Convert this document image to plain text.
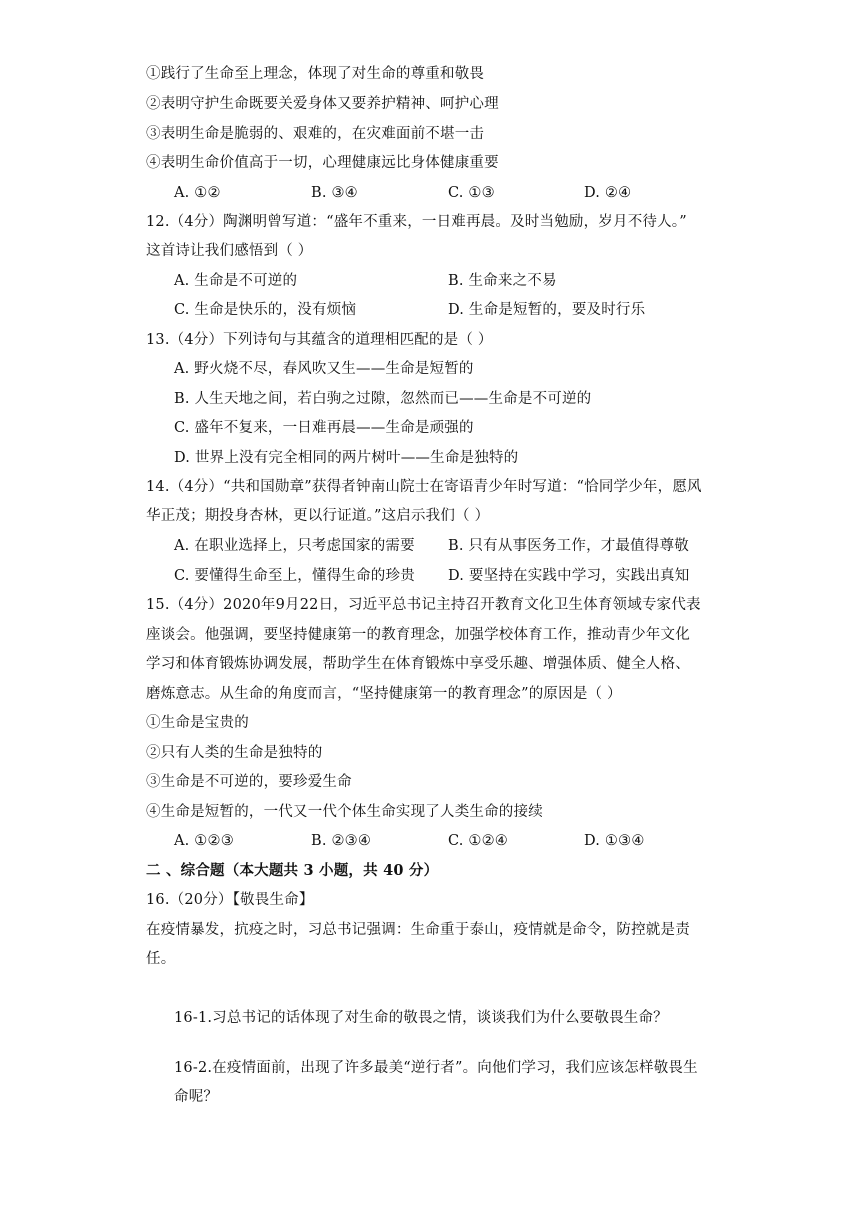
①践行了生命至上理念，体现了对生命的尊重和敬畏
②表明守护生命既要关爱身体又要养护精神、呵护心理
③表明生命是脆弱的、艰难的，在灾难面前不堪一击
④表明生命价值高于一切，心理健康远比身体健康重要
A. ①②	B. ③④	C. ①③	D. ②④
12.（4分）陶渊明曾写道：“盛年不重来，一日难再晨。及时当勉励，岁月不待人。”
这首诗让我们感悟到（ ）
A. 生命是不可逆的	B. 生命来之不易
C. 生命是快乐的，没有烦恼	D. 生命是短暂的，要及时行乐
13.（4分）下列诗句与其蕴含的道理相匹配的是（ ）
A. 野火烧不尽，春风吹又生——生命是短暂的
B. 人生天地之间，若白驹之过隙，忽然而已——生命是不可逆的
C. 盛年不复来，一日难再晨——生命是顽强的
D. 世界上没有完全相同的两片树叶——生命是独特的
14.（4分）“共和国勋章”获得者钟南山院士在寄语青少年时写道：“恰同学少年，愿风
华正茂；期投身杏林，更以行证道。”这启示我们（ ）
A. 在职业选择上，只考虑国家的需要 B. 只有从事医务工作，才最值得尊敬
C. 要懂得生命至上，懂得生命的珍贵 D. 要坚持在实践中学习，实践出真知
15.（4分）2020年9月22日，习近平总书记主持召开教育文化卫生体育领域专家代表
座谈会。他强调，要坚持健康第一的教育理念，加强学校体育工作，推动青少年文化
学习和体育锻炼协调发展，帮助学生在体育锻炼中享受乐趣、增强体质、健全人格、
磨炼意志。从生命的角度而言，“坚持健康第一的教育理念”的原因是（ ）
①生命是宝贵的
②只有人类的生命是独特的
③生命是不可逆的，要珍爱生命
④生命是短暂的，一代又一代个体生命实现了人类生命的接续
A. ①②③	B. ②③④	C. ①②④	D. ①③④
二 、综合题（本大题共 3 小题，共 40 分）
16.（20分）【敬畏生命】
在疫情暴发，抗疫之时，习总书记强调：生命重于泰山，疫情就是命令，防控就是责
任。
16-1.习总书记的话体现了对生命的敬畏之情，谈谈我们为什么要敬畏生命？
16-2.在疫情面前，出现了许多最美“逆行者”。向他们学习，我们应该怎样敬畏生
命呢？
